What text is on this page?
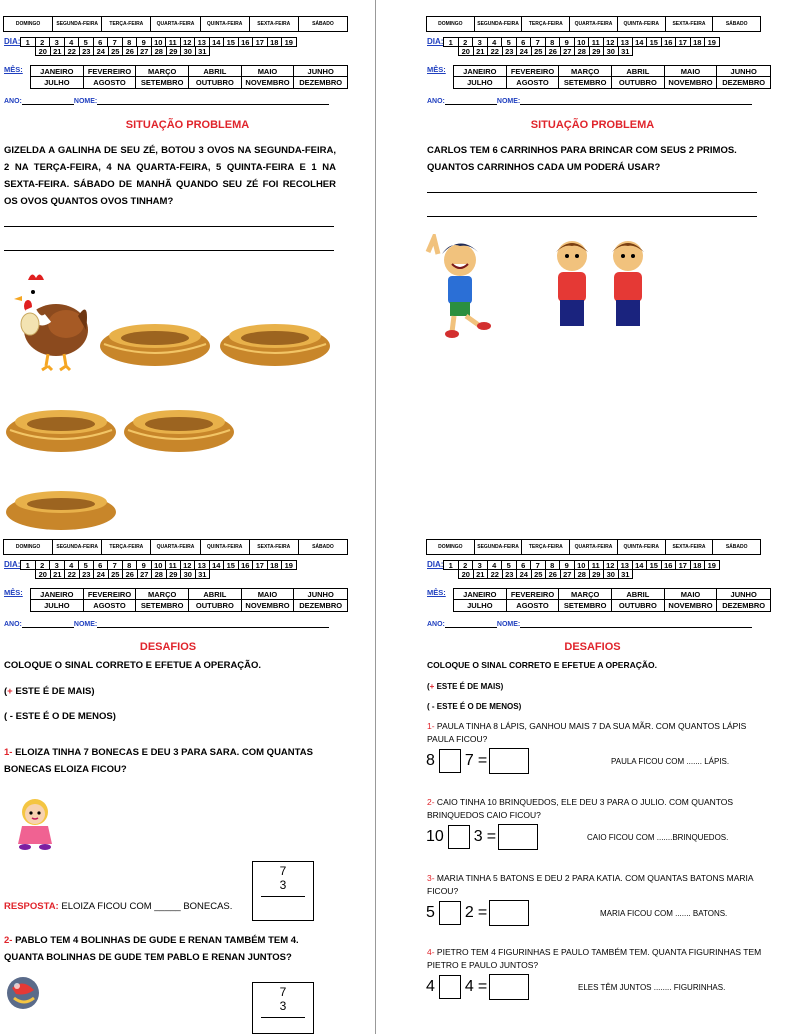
DOMINGO	SEGUNDA-FEIRA	TERÇA-FEIRA	QUARTA-FEIRA	QUINTA-FEIRA	SEXTA-FEIRA	SÁBADO
DIA: 1	2	3	4	5	6	7	8	9	10 11 12 13 14 15 16 17 18 19
20 21 22 23 24 25 26 27 28 29 30 31
MÊS:	JANEIRO	FEVEREIRO	MARÇO	ABRIL	MAIO	JUNHO
JULHO	AGOSTO	SETEMBRO	OUTUBRO	NOVEMBRO	DEZEMBRO
ANO:	NOME:
DOMINGO	SEGUNDA-FEIRA	TERÇA-FEIRA	QUARTA-FEIRA	QUINTA-FEIRA	SEXTA-FEIRA	SÁBADO
DIA: 1	2	3	4	5	6	7	8	9	10 11 12 13 14 15 16 17 18 19
20 21 22 23 24 25 26 27 28 29 30 31
MÊS:	JANEIRO	FEVEREIRO	MARÇO	ABRIL	MAIO	JUNHO
JULHO	AGOSTO	SETEMBRO	OUTUBRO	NOVEMBRO	DEZEMBRO
ANO:	NOME:
DOMINGO	SEGUNDA-FEIRA	TERÇA-FEIRA	QUARTA-FEIRA	QUINTA-FEIRA	SEXTA-FEIRA	SÁBADO
DIA: 1	2	3	4	5	6	7	8	9	10 11 12 13 14 15 16 17 18 19
20 21 22 23 24 25 26 27 28 29 30 31
MÊS:	JANEIRO	FEVEREIRO	MARÇO	ABRIL	MAIO	JUNHO
JULHO	AGOSTO	SETEMBRO	OUTUBRO	NOVEMBRO	DEZEMBRO
ANO:	NOME:
DOMINGO	SEGUNDA-FEIRA	TERÇA-FEIRA	QUARTA-FEIRA	QUINTA-FEIRA	SEXTA-FEIRA	SÁBADO
DIA: 1	2	3	4	5	6	7	8	9	10 11 12 13 14 15 16 17 18 19
20 21 22 23 24 25 26 27 28 29 30 31
MÊS:	JANEIRO	FEVEREIRO	MARÇO	ABRIL	MAIO	JUNHO
JULHO	AGOSTO	SETEMBRO	OUTUBRO	NOVEMBRO	DEZEMBRO
ANO:	NOME:
SITUAÇÃO PROBLEMA
GIZELDA A GALINHA DE SEU ZÉ, BOTOU 3 OVOS NA SEGUNDA-FEIRA, 2 NA TERÇA-FEIRA, 4 NA QUARTA-FEIRA, 5 QUINTA-FEIRA E 1 NA SEXTA-FEIRA. SÁBADO DE MANHÃ QUANDO SEU ZÉ FOI RECOLHER OS OVOS QUANTOS OVOS TINHAM?
SITUAÇÃO PROBLEMA
CARLOS TEM 6 CARRINHOS PARA BRINCAR COM SEUS 2 PRIMOS. QUANTOS CARRINHOS CADA UM PODERÁ USAR?
DESAFIOS
COLOQUE O SINAL CORRETO E EFETUE A OPERAÇÃO.
(+ ESTE É DE MAIS)
( - ESTE É O DE MENOS)
1- ELOIZA TINHA 7 BONECAS E DEU 3 PARA SARA. COM QUANTAS BONECAS ELOIZA FICOU?
RESPOSTA: ELOIZA FICOU COM _____ BONECAS.
7
3
2- PABLO TEM 4 BOLINHAS DE GUDE E RENAN TAMBÉM TEM 4. QUANTA BOLINHAS DE GUDE TEM PABLO E RENAN JUNTOS?
7
3
DESAFIOS
COLOQUE O SINAL CORRETO E EFETUE A OPERAÇÃO.
(+ ESTE É DE MAIS)
( - ESTE É O DE MENOS)
1- PAULA TINHA 8 LÁPIS, GANHOU MAIS 7 DA SUA MÃR. COM QUANTOS LÁPIS PAULA FICOU?
8 7 =	PAULA FICOU COM ....... LÁPIS.
2- CAIO TINHA 10 BRINQUEDOS, ELE DEU 3 PARA O JULIO. COM QUANTOS BRINQUEDOS CAIO FICOU?
10 3 =	CAIO FICOU COM .......BRINQUEDOS.
3- MARIA TINHA 5 BATONS E DEU 2 PARA KATIA. COM QUANTAS BATONS MARIA FICOU?
5 2 =	MARIA FICOU COM ....... BATONS.
4- PIETRO TEM 4 FIGURINHAS E PAULO TAMBÉM TEM. QUANTA FIGURINHAS TEM PIETRO E PAULO JUNTOS?
4 4 =	ELES TÊM JUNTOS ........ FIGURINHAS.
